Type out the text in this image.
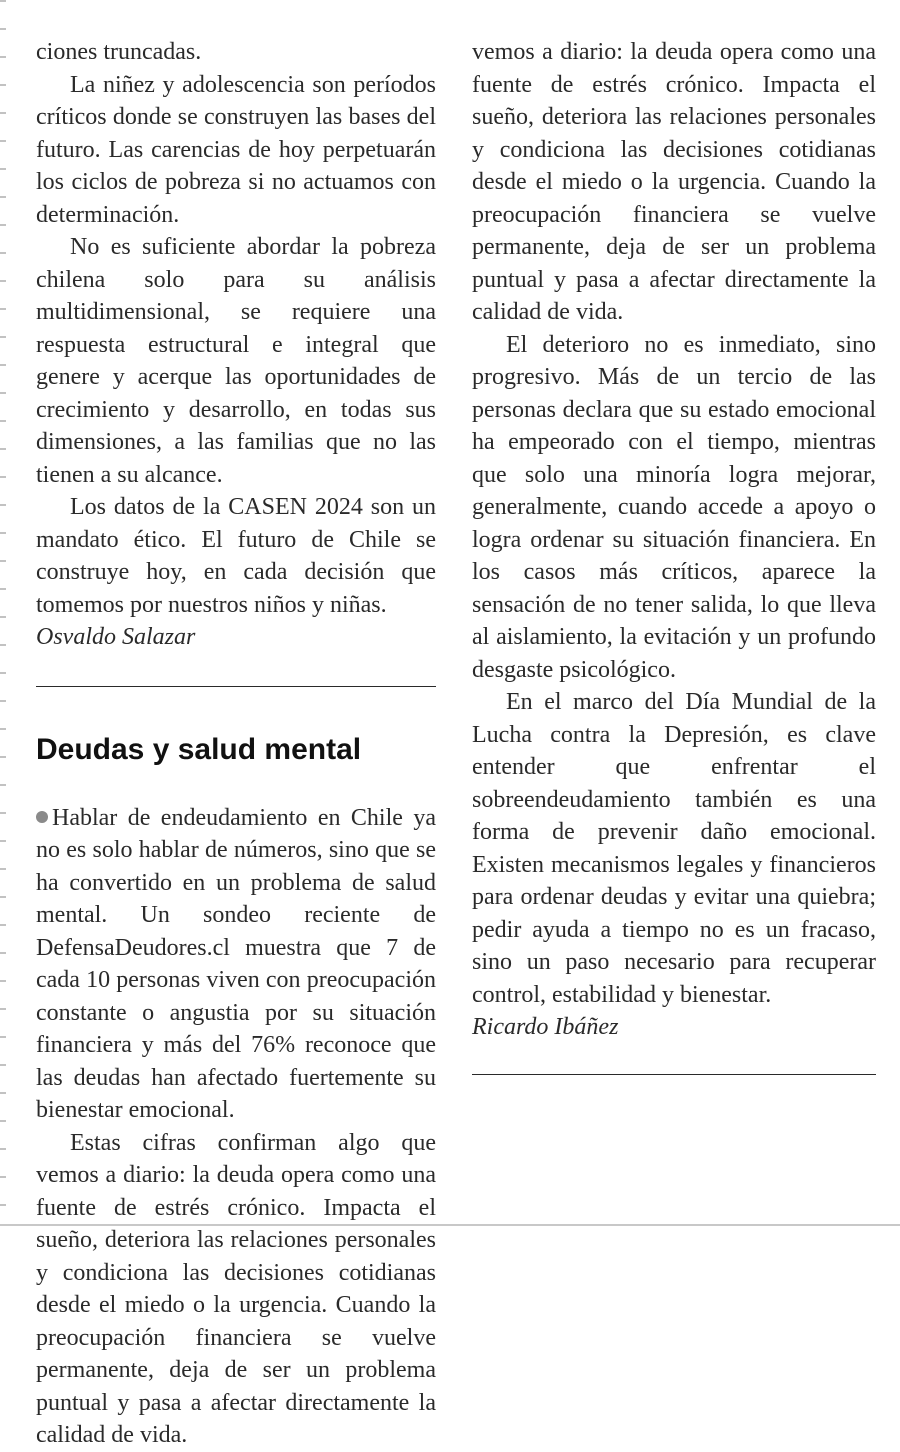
ciones truncadas.

La niñez y adolescencia son períodos críticos donde se construyen las bases del futuro. Las carencias de hoy perpetuarán los ciclos de pobreza si no actuamos con determinación.

No es suficiente abordar la pobreza chilena solo para su análisis multidimensional, se requiere una respuesta estructural e integral que genere y acerque las oportunidades de crecimiento y desarrollo, en todas sus dimensiones, a las familias que no las tienen a su alcance.

Los datos de la CASEN 2024 son un mandato ético. El futuro de Chile se construye hoy, en cada decisión que tomemos por nuestros niños y niñas.

Osvaldo Salazar

Deudas y salud mental

Hablar de endeudamiento en Chile ya no es solo hablar de números, sino que se ha convertido en un problema de salud mental. Un sondeo reciente de DefensaDeudores.cl muestra que 7 de cada 10 personas viven con preocupación constante o angustia por su situación financiera y más del 76% reconoce que las deudas han afectado fuertemente su bienestar emocional.

Estas cifras confirman algo que vemos a diario: la deuda opera como una fuente de estrés crónico. Impacta el sueño, deteriora las relaciones personales y condiciona las decisiones cotidianas desde el miedo o la urgencia. Cuando la preocupación financiera se vuelve permanente, deja de ser un problema puntual y pasa a afectar directamente la calidad de vida.

vemos a diario: la deuda opera como una fuente de estrés crónico. Impacta el sueño, deteriora las relaciones personales y condiciona las decisiones cotidianas desde el miedo o la urgencia. Cuando la preocupación financiera se vuelve permanente, deja de ser un problema puntual y pasa a afectar directamente la calidad de vida.

El deterioro no es inmediato, sino progresivo. Más de un tercio de las personas declara que su estado emocional ha empeorado con el tiempo, mientras que solo una minoría logra mejorar, generalmente, cuando accede a apoyo o logra ordenar su situación financiera. En los casos más críticos, aparece la sensación de no tener salida, lo que lleva al aislamiento, la evitación y un profundo desgaste psicológico.

En el marco del Día Mundial de la Lucha contra la Depresión, es clave entender que enfrentar el sobreendeudamiento también es una forma de prevenir daño emocional. Existen mecanismos legales y financieros para ordenar deudas y evitar una quiebra; pedir ayuda a tiempo no es un fracaso, sino un paso necesario para recuperar control, estabilidad y bienestar.

Ricardo Ibáñez
